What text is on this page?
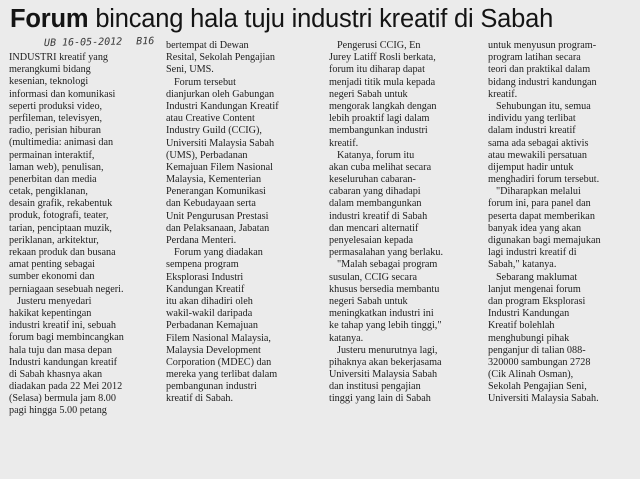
Forum bincang hala tuju industri kreatif di Sabah
UB 16-05-2012 B16
INDUSTRI kreatif yang
merangkumi bidang
kesenian, teknologi
informasi dan komunikasi
seperti produksi video,
perfileman, televisyen,
radio, perisian hiburan
(multimedia: animasi dan
permainan interaktif,
laman web), penulisan,
penerbitan dan media
cetak, pengiklanan,
desain grafik, rekabentuk
produk, fotografi, teater,
tarian, penciptaan muzik,
periklanan, arkitektur,
rekaan produk dan busana
amat penting sebagai
sumber ekonomi dan
perniagaan sesebuah negeri.
Justeru menyedari
hakikat kepentingan
industri kreatif ini, sebuah
forum bagi membincangkan
hala tuju dan masa depan
Industri kandungan kreatif
di Sabah khasnya akan
diadakan pada 22 Mei 2012
(Selasa) bermula jam 8.00
pagi hingga 5.00 petang
bertempat di Dewan
Resital, Sekolah Pengajian
Seni, UMS.
Forum tersebut
dianjurkan oleh Gabungan
Industri Kandungan Kreatif
atau Creative Content
Industry Guild (CCIG),
Universiti Malaysia Sabah
(UMS), Perbadanan
Kemajuan Filem Nasional
Malaysia, Kementerian
Penerangan Komunikasi
dan Kebudayaan serta
Unit Pengurusan Prestasi
dan Pelaksanaan, Jabatan
Perdana Menteri.
Forum yang diadakan
sempena program
Eksplorasi Industri
Kandungan Kreatif
itu akan dihadiri oleh
wakil-wakil daripada
Perbadanan Kemajuan
Filem Nasional Malaysia,
Malaysia Development
Corporation (MDEC) dan
mereka yang terlibat dalam
pembangunan industri
kreatif di Sabah.
Pengerusi CCIG, En
Jurey Latiff Rosli berkata,
forum itu diharap dapat
menjadi titik mula kepada
negeri Sabah untuk
mengorak langkah dengan
lebih proaktif lagi dalam
membangunkan industri
kreatif.
Katanya, forum itu
akan cuba melihat secara
keseluruhan cabaran-
cabaran yang dihadapi
dalam membangunkan
industri kreatif di Sabah
dan mencari alternatif
penyelesaian kepada
permasalahan yang berlaku.
"Malah sebagai program
susulan, CCIG secara
khusus bersedia membantu
negeri Sabah untuk
meningkatkan industri ini
ke tahap yang lebih tinggi,"
katanya.
Justeru menurutnya lagi,
pihaknya akan bekerjasama
Universiti Malaysia Sabah
dan institusi pengajian
tinggi yang lain di Sabah
untuk menyusun program-
program latihan secara
teori dan praktikal dalam
bidang industri kandungan
kreatif.
Sehubungan itu, semua
individu yang terlibat
dalam industri kreatif
sama ada sebagai aktivis
atau mewakili persatuan
dijemput hadir untuk
menghadiri forum tersebut.
"Diharapkan melalui
forum ini, para panel dan
peserta dapat memberikan
banyak idea yang akan
digunakan bagi memajukan
lagi industri kreatif di
Sabah," katanya.
Sebarang maklumat
lanjut mengenai forum
dan program Eksplorasi
Industri Kandungan
Kreatif bolehlah
menghubungi pihak
penganjur di talian 088-
320000 sambungan 2728
(Cik Alinah Osman),
Sekolah Pengajian Seni,
Universiti Malaysia Sabah.
